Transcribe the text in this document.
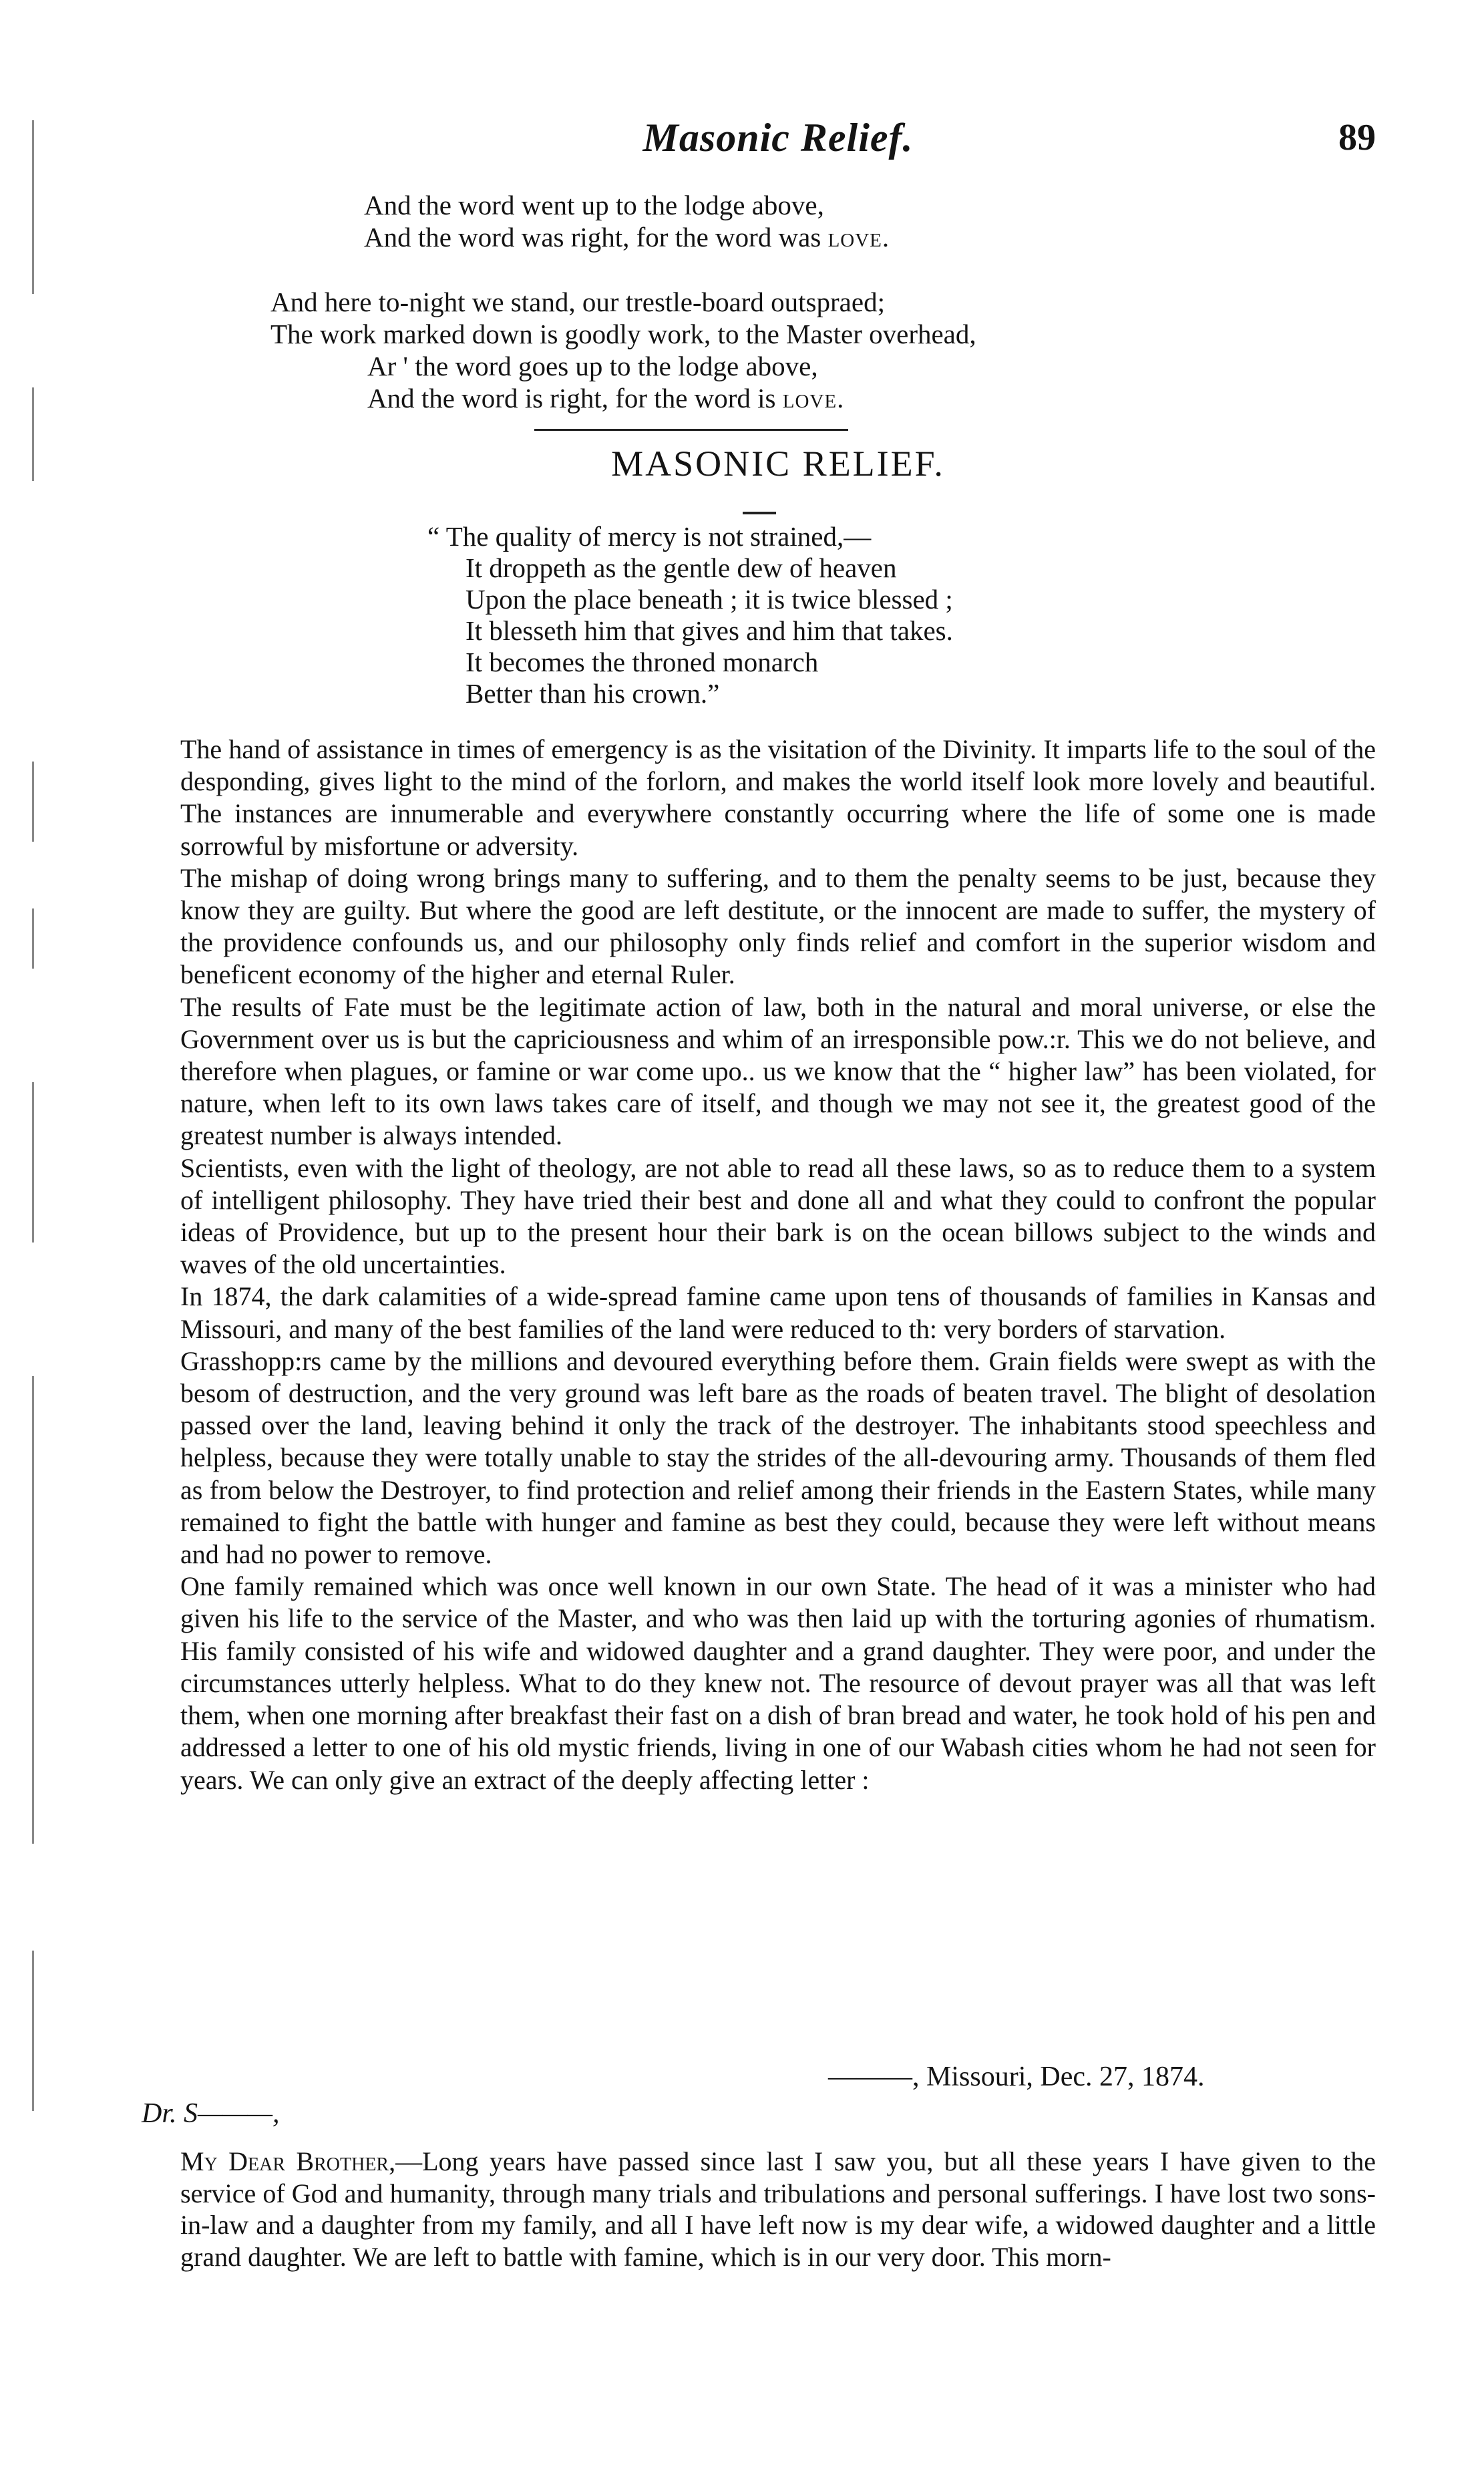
Masonic Relief.	89
And the word went up to the lodge above,
And the word was right, for the word was love.
And here to-night we stand, our trestle-board outspraed;
The work marked down is goodly work, to the Master overhead,
Ar ' the word goes up to the lodge above,
And the word is right, for the word is love.
MASONIC RELIEF.
“ The quality of mercy is not strained,—
It droppeth as the gentle dew of heaven
Upon the place beneath ; it is twice blessed ;
It blesseth him that gives and him that takes.
It becomes the throned monarch
Better than his crown.”

The hand of assistance in times of emergency is as the visitation of the Divinity. It imparts life to the soul of the desponding, gives light to the mind of the forlorn, and makes the world itself look more lovely and beautiful. The instances are innumerable and everywhere constantly occurring where the life of some one is made sorrowful by misfortune or adversity.

The mishap of doing wrong brings many to suffering, and to them the penalty seems to be just, because they know they are guilty. But where the good are left destitute, or the innocent are made to suffer, the mystery of the providence confounds us, and our philosophy only finds relief and comfort in the superior wisdom and beneficent economy of the higher and eternal Ruler.

The results of Fate must be the legitimate action of law, both in the natural and moral universe, or else the Government over us is but the capriciousness and whim of an irresponsible pow.:r. This we do not believe, and therefore when plagues, or famine or war come upo.. us we know that the “ higher law” has been violated, for nature, when left to its own laws takes care of itself, and though we may not see it, the greatest good of the greatest number is always intended.

Scientists, even with the light of theology, are not able to read all these laws, so as to reduce them to a system of intelligent philosophy. They have tried their best and done all and what they could to confront the popular ideas of Providence, but up to the present hour their bark is on the ocean billows subject to the winds and waves of the old uncertainties.

In 1874, the dark calamities of a wide-spread famine came upon tens of thousands of families in Kansas and Missouri, and many of the best families of the land were reduced to th: very borders of starvation.

Grasshopp:rs came by the millions and devoured everything before them. Grain fields were swept as with the besom of destruction, and the very ground was left bare as the roads of beaten travel. The blight of desolation passed over the land, leaving behind it only the track of the destroyer. The inhabitants stood speechless and helpless, because they were totally unable to stay the strides of the all-devouring army. Thousands of them fled as from below the Destroyer, to find protection and relief among their friends in the Eastern States, while many remained to fight the battle with hunger and famine as best they could, because they were left without means and had no power to remove.

One family remained which was once well known in our own State. The head of it was a minister who had given his life to the service of the Master, and who was then laid up with the torturing agonies of rhumatism. His family consisted of his wife and widowed daughter and a grand daughter. They were poor, and under the circumstances utterly helpless. What to do they knew not. The resource of devout prayer was all that was left them, when one morning after breakfast their fast on a dish of bran bread and water, he took hold of his pen and addressed a letter to one of his old mystic friends, living in one of our Wabash cities whom he had not seen for years. We can only give an extract of the deeply affecting letter :

———, Missouri, Dec. 27, 1874.
Dr. S———,

My Dear Brother,—Long years have passed since last I saw you, but all these years I have given to the service of God and humanity, through many trials and tribulations and personal sufferings. I have lost two sons-in-law and a daughter from my family, and all I have left now is my dear wife, a widowed daughter and a little grand daughter. We are left to battle with famine, which is in our very door. This morn-
